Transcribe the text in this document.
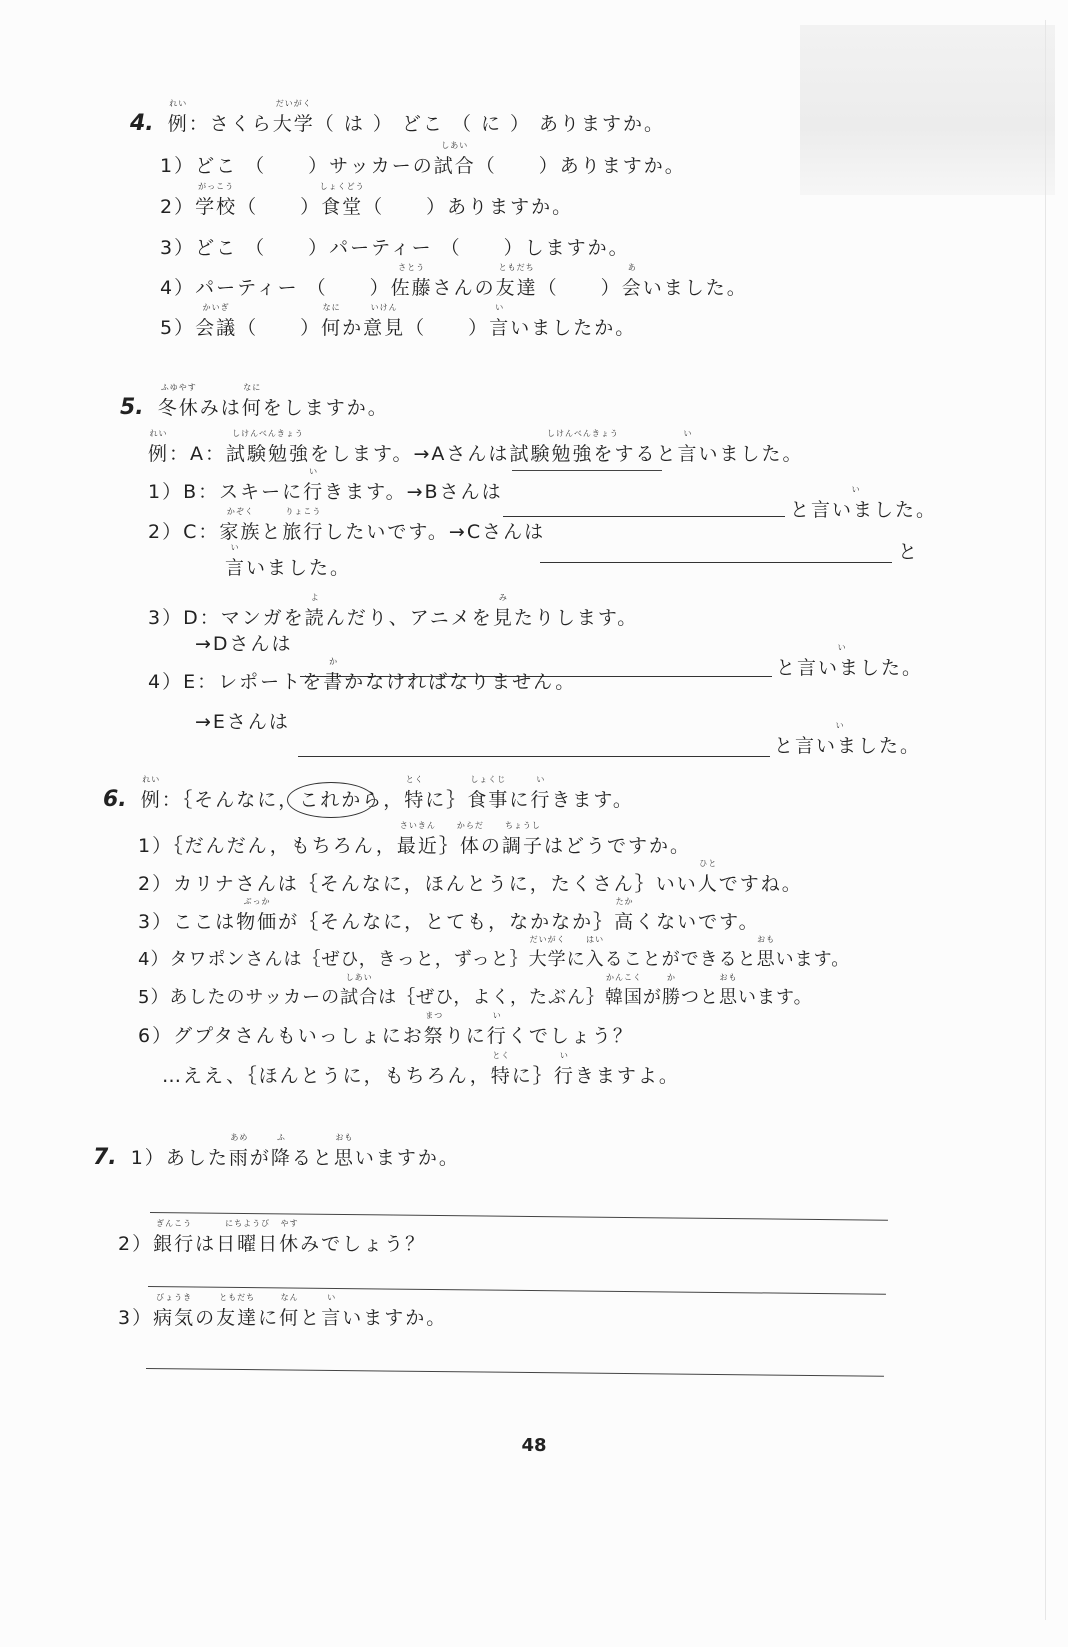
4. 例
れい
：さくら大学
だいがく
（ は ） どこ （ に ） ありますか。
1）どこ （　　）サッカーの試合
しあい
（　　）ありますか。
2）学校
がっこう
（　　）食堂
しょくどう
（　　）ありますか。
3）どこ （　　）パーティー （　　）しますか。
4）パーティー （　　）佐藤
さとう
さんの友達
ともだち
（　　）会
あ
いました。
5）会議
かいぎ
（　　）何
なに
か意見
いけん
（　　）言
い
いましたか。
5. 冬休
ふゆやす
みは何
なに
をしますか。
例
れい
：A：試験勉強
しけんべんきょう
をします。→Aさんは試験勉強をする
しけんべんきょう
と言
い
いました。
1）B：スキーに行
い
きます。→Bさんは
と言いました。
い
2）C：家族
かぞく
と旅行
りょこう
したいです。→Cさんは
と
言いました。
い
3）D：マンガを読
よ
んだり、アニメを見
み
たりします。
→Dさんは
と言いました。
い
4）E：レポートを書
か
かなければなりません。
→Eさんは
と言いました。
い
6. 例
れい
：｛そんなに，これから，特
とく
に｝食事
しょくじ
に行
い
きます。
1）｛だんだん，もちろん，最近
さいきん
｝体
からだ
の調子
ちょうし
はどうですか。
2）カリナさんは｛そんなに，ほんとうに，たくさん｝いい人
ひと
ですね。
3）ここは物価
ぶっか
が｛そんなに，とても，なかなか｝高
たか
くないです。
4）タワポンさんは｛ぜひ，きっと，ずっと｝大学
だいがく
に入
はい
ることができると思
おも
います。
5）あしたのサッカーの試合
しあい
は｛ぜひ，よく，たぶん｝韓国
かんこく
が勝
か
つと思
おも
います。
6）グプタさんもいっしょにお祭
まつ
りに行
い
くでしょう？
…ええ、｛ほんとうに，もちろん，特
とく
に｝行
い
きますよ。
7. 1）あした雨
あめ
が降
ふ
ると思
おも
いますか。
2）銀行
ぎんこう
は日曜日
にちようび
休
やす
みでしょう？
3）病気
びょうき
の友達
ともだち
に何
なん
と言
い
いますか。
48
